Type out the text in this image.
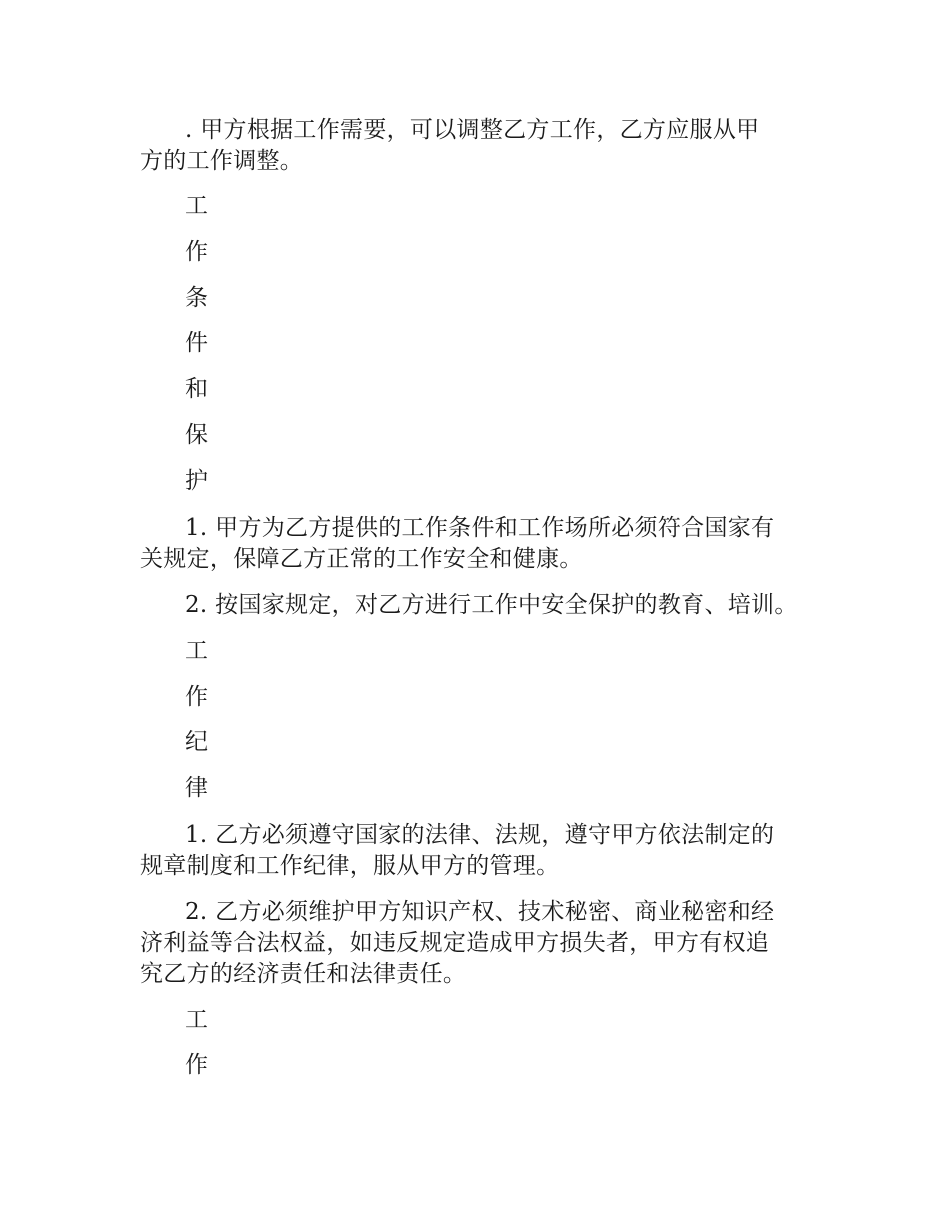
. 甲方根据工作需要，可以调整乙方工作，乙方应服从甲
方的工作调整。

工

作

条

件

和

保

护

1. 甲方为乙方提供的工作条件和工作场所必须符合国家有
关规定，保障乙方正常的工作安全和健康。

2. 按国家规定，对乙方进行工作中安全保护的教育、培训。

工

作

纪

律

1. 乙方必须遵守国家的法律、法规，遵守甲方依法制定的
规章制度和工作纪律，服从甲方的管理。

2. 乙方必须维护甲方知识产权、技术秘密、商业秘密和经
济利益等合法权益，如违反规定造成甲方损失者，甲方有权追
究乙方的经济责任和法律责任。

工

作
